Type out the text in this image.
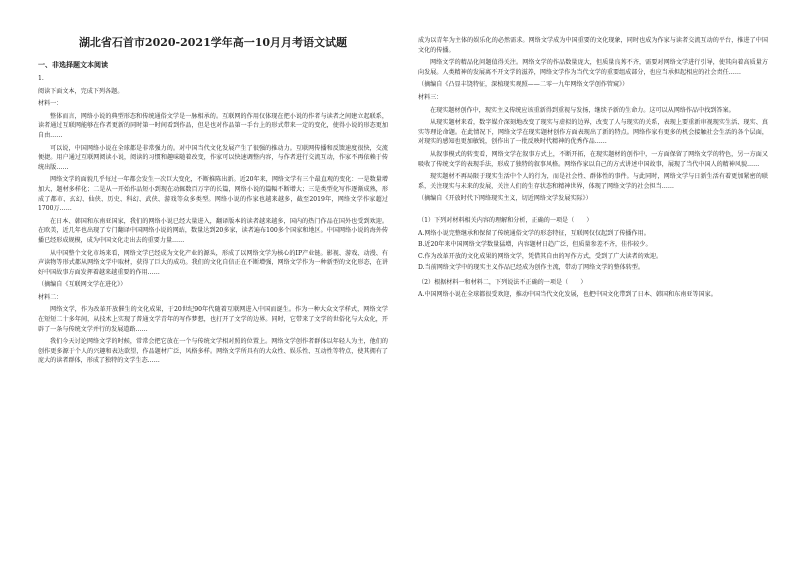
湖北省石首市2020-2021学年高一10月月考语文试题
一、非选择题文本阅读

1.

阅读下面文本，完成下列各题。

材料一：

整体而言，网络小说的典型形态和传统通俗文学是一脉相承的。互联网的作用仅体现在把小说的作者与读者之间建立起联系，读者通过互联网能够在作者更新的同时第一时间看到作品，但是也对作品第一手台上的形式带来一定的变化，使得小说的形态更加自由……

可以说，中国网络小说在全球都是非常强力的。对中国当代文化发展产生了很强的推动力。互联网传播和反馈速度很快，交流便捷。用户通过互联网阅读小说，阅读的习惯和趣味随着改变，作家可以快速调整内容，与作者进行交流互动，作家不再依赖于传统出版……

网络文学的面貌几乎每过一年都会发生一次巨大变化，不断推陈出新。近20年来，网络文学有三个最直观的变化：一是数量增加大，题材多样化；二是从一开始作品短小到现在动辄数百万字的长篇，网络小说的篇幅不断增大；三是类型化写作逐渐成熟，形成了都市、玄幻、仙侠、历史、科幻、武侠、游戏等众多类型。网络小说的作家也越来越多，截至2019年，网络文学作家超过1700万……

在日本、韩国和东南亚国家，我们的网络小说已经大量进入，翻译版本的读者越来越多，国内的热门作品在国外也受到欢迎。在欧美，近几年也出现了专门翻译中国网络小说的网站，数量达到20多家，读者遍布100多个国家和地区。中国网络小说的海外传播已经形成规模，成为中国文化走出去的重要力量……

从中国整个文化市场来看，网络文学已经成为文化产业的源头，形成了以网络文学为核心的IP产业链。影视、游戏、动漫、有声读物等形式都从网络文学中取材，获得了巨大的成功。我们的文化自信正在不断增强，网络文学作为一种新型的文化形态，在讲好中国故事方面发挥着越来越重要的作用……

（摘编自《互联网文学在进化》）

材料二：

网络文学，作为改革开放催生的文化成果，于20世纪90年代随着互联网进入中国而诞生。作为一种大众文学样式，网络文学在短短二十多年间，从技术上实现了普通文学青年的写作梦想，也打开了文学的边界。同时，它带来了文学的世俗化与大众化，开辟了一条与传统文学并行的发展道路……

我们今天讨论网络文学的时候，常常会把它放在一个与传统文学相对照的位置上。网络文学创作者群体以年轻人为主，他们的创作更多源于个人的兴趣和表达欲望，作品题材广泛，风格多样。网络文学所具有的大众性、娱乐性、互动性等特点，使其拥有了庞大的读者群体，形成了独特的文学生态……

成为以青年为主体的娱乐化的必然需求。网络文学成为中国重要的文化现象，同时也成为作家与读者交流互动的平台，推进了中国文化的传播。

网络文学的精品化问题值得关注。网络文学的作品数量庞大，但质量良莠不齐，需要对网络文学进行引导，使其向着高质量方向发展。人类精神的发展离不开文学的滋养，网络文学作为当代文学的重要组成部分，也应当承担起相应的社会责任……

（摘编自《凸显丰饶特征，深植现实观照——二零一九年网络文学创作管窥》）

材料三：

在现实题材创作中，现实主义传统应该重新得到重视与发扬，继续予新的生命力。这可以从网络作品中找到答案。

从现实题材来看，数字媒介深刻地改变了现实与虚拟的边界，改变了人与现实的关系，表现上要重新审视现实生活、现实、真实等理论命题。在此情况下，网络文学在现实题材创作方面表现出了新的特点。网络作家有更多的机会接触社会生活的各个层面，对现实的感知也更加敏锐，创作出了一批反映时代精神的优秀作品……

从叙事模式的转变看，网络文学在叙事方式上，不断开拓，在现实题材的创作中，一方面保留了网络文学的特色，另一方面又吸收了传统文学的表现手法，形成了独特的叙事风格。网络作家以自己的方式讲述中国故事，展现了当代中国人的精神风貌……

现实题材不再局限于现实生活中个人的行为，而是社会性、群体性的事件。与此同时，网络文学与日新生活有着更加紧密的联系，关注现实与未来的发展，关注人们的生存状态和精神世界，体现了网络文学的社会担当……

（摘编自《开放时代下网络现实主义，切近网络文学发展实际》）

（1）下列对材料相关内容的理解和分析，正确的一项是（　　）

A.网络小说完整继承和保留了传统通俗文学的形态特征，互联网仅仅起到了传播作用。

B.近20年来中国网络文学数量猛增，内容题材日趋广泛，但质量参差不齐，佳作较少。

C.作为改革开放的文化成果的网络文学，凭借其自由的写作方式，受到了广大读者的欢迎。

D.当前网络文学中的现实主义作品已经成为创作主流，带动了网络文学的整体转型。

（2）根据材料一和材料二，下列说法不正确的一项是（　　）

A.中国网络小说在全球都很受欢迎，推动中国当代文化发展，也把中国文化带到了日本、韩国和东南亚等国家。
